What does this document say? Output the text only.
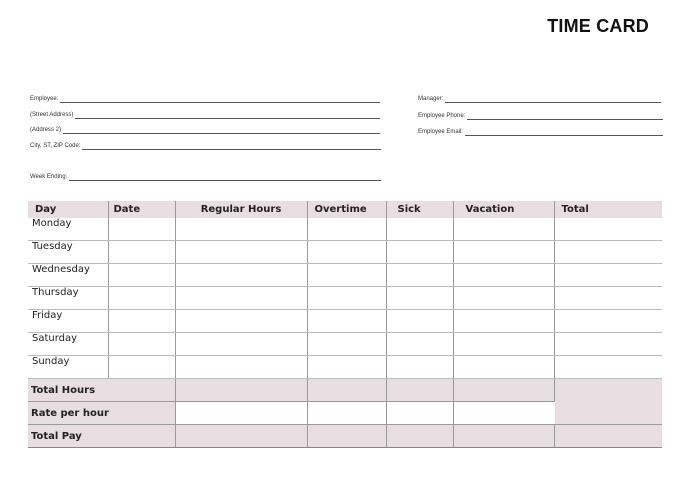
TIME CARD
Employee:
(Street Address)
(Address 2)
City, ST, ZIP Code:
Week Ending:
Manager:
Employee Phone:
Employee Email:
Day	Date	Regular Hours	Overtime	Sick	Vacation	Total
Monday						
Tuesday						
Wednesday						
Thursday						
Friday						
Saturday						
Sunday						
Total Hours						
Rate per hour						
Total Pay						
